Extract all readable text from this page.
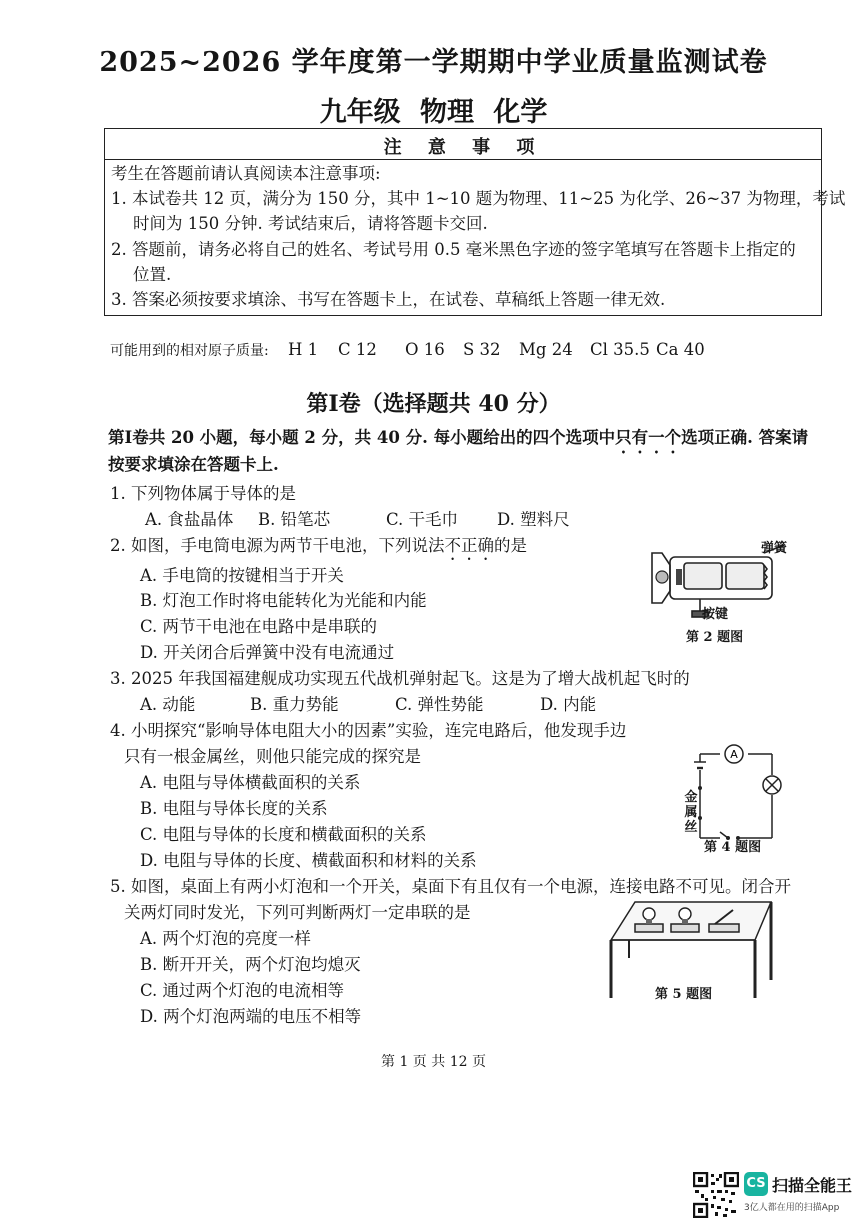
2025~2026 学年度第一学期期中学业质量监测试卷
九年级 物理 化学
注 意 事 项
考生在答题前请认真阅读本注意事项:
1. 本试卷共 12 页，满分为 150 分，其中 1~10 题为物理、11~25 为化学、26~37 为物理，考试
时间为 150 分钟. 考试结束后，请将答题卡交回.
2. 答题前，请务必将自己的姓名、考试号用 0.5 毫米黑色字迹的签字笔填写在答题卡上指定的
位置.
3. 答案必须按要求填涂、书写在答题卡上，在试卷、草稿纸上答题一律无效.
可能用到的相对原子质量: H 1 C 12 O 16 S 32 Mg 24 Cl 35.5 Ca 40
第Ⅰ卷（选择题共 40 分）
第Ⅰ卷共 20 小题，每小题 2 分，共 40 分. 每小题给出的四个选项中只有一个选项正确. 答案请
按要求填涂在答题卡上.
1. 下列物体属于导体的是
A. 食盐晶体 B. 铅笔芯	C. 干毛巾 D. 塑料尺
2. 如图，手电筒电源为两节干电池，下列说法不正确的是
A. 手电筒的按键相当于开关
B. 灯泡工作时将电能转化为光能和内能
C. 两节干电池在电路中是串联的
D. 开关闭合后弹簧中没有电流通过
弹簧
按键
第 2 题图
3. 2025 年我国福建舰成功实现五代战机弹射起飞。这是为了增大战机起飞时的
A. 动能	B. 重力势能	C. 弹性势能	D. 内能
4. 小明探究“影响导体电阻大小的因素”实验，连完电路后，他发现手边
只有一根金属丝，则他只能完成的探究是
A. 电阻与导体横截面积的关系
B. 电阻与导体长度的关系
C. 电阻与导体的长度和横截面积的关系
D. 电阻与导体的长度、横截面积和材料的关系
A
金属丝
第 4 题图
5. 如图，桌面上有两小灯泡和一个开关，桌面下有且仅有一个电源，连接电路不可见。闭合开
关两灯同时发光，下列可判断两灯一定串联的是
A. 两个灯泡的亮度一样
B. 断开开关，两个灯泡均熄灭
C. 通过两个灯泡的电流相等
D. 两个灯泡两端的电压不相等
第 5 题图
第 1 页 共 12 页
CS 扫描全能王
3亿人都在用的扫描App
